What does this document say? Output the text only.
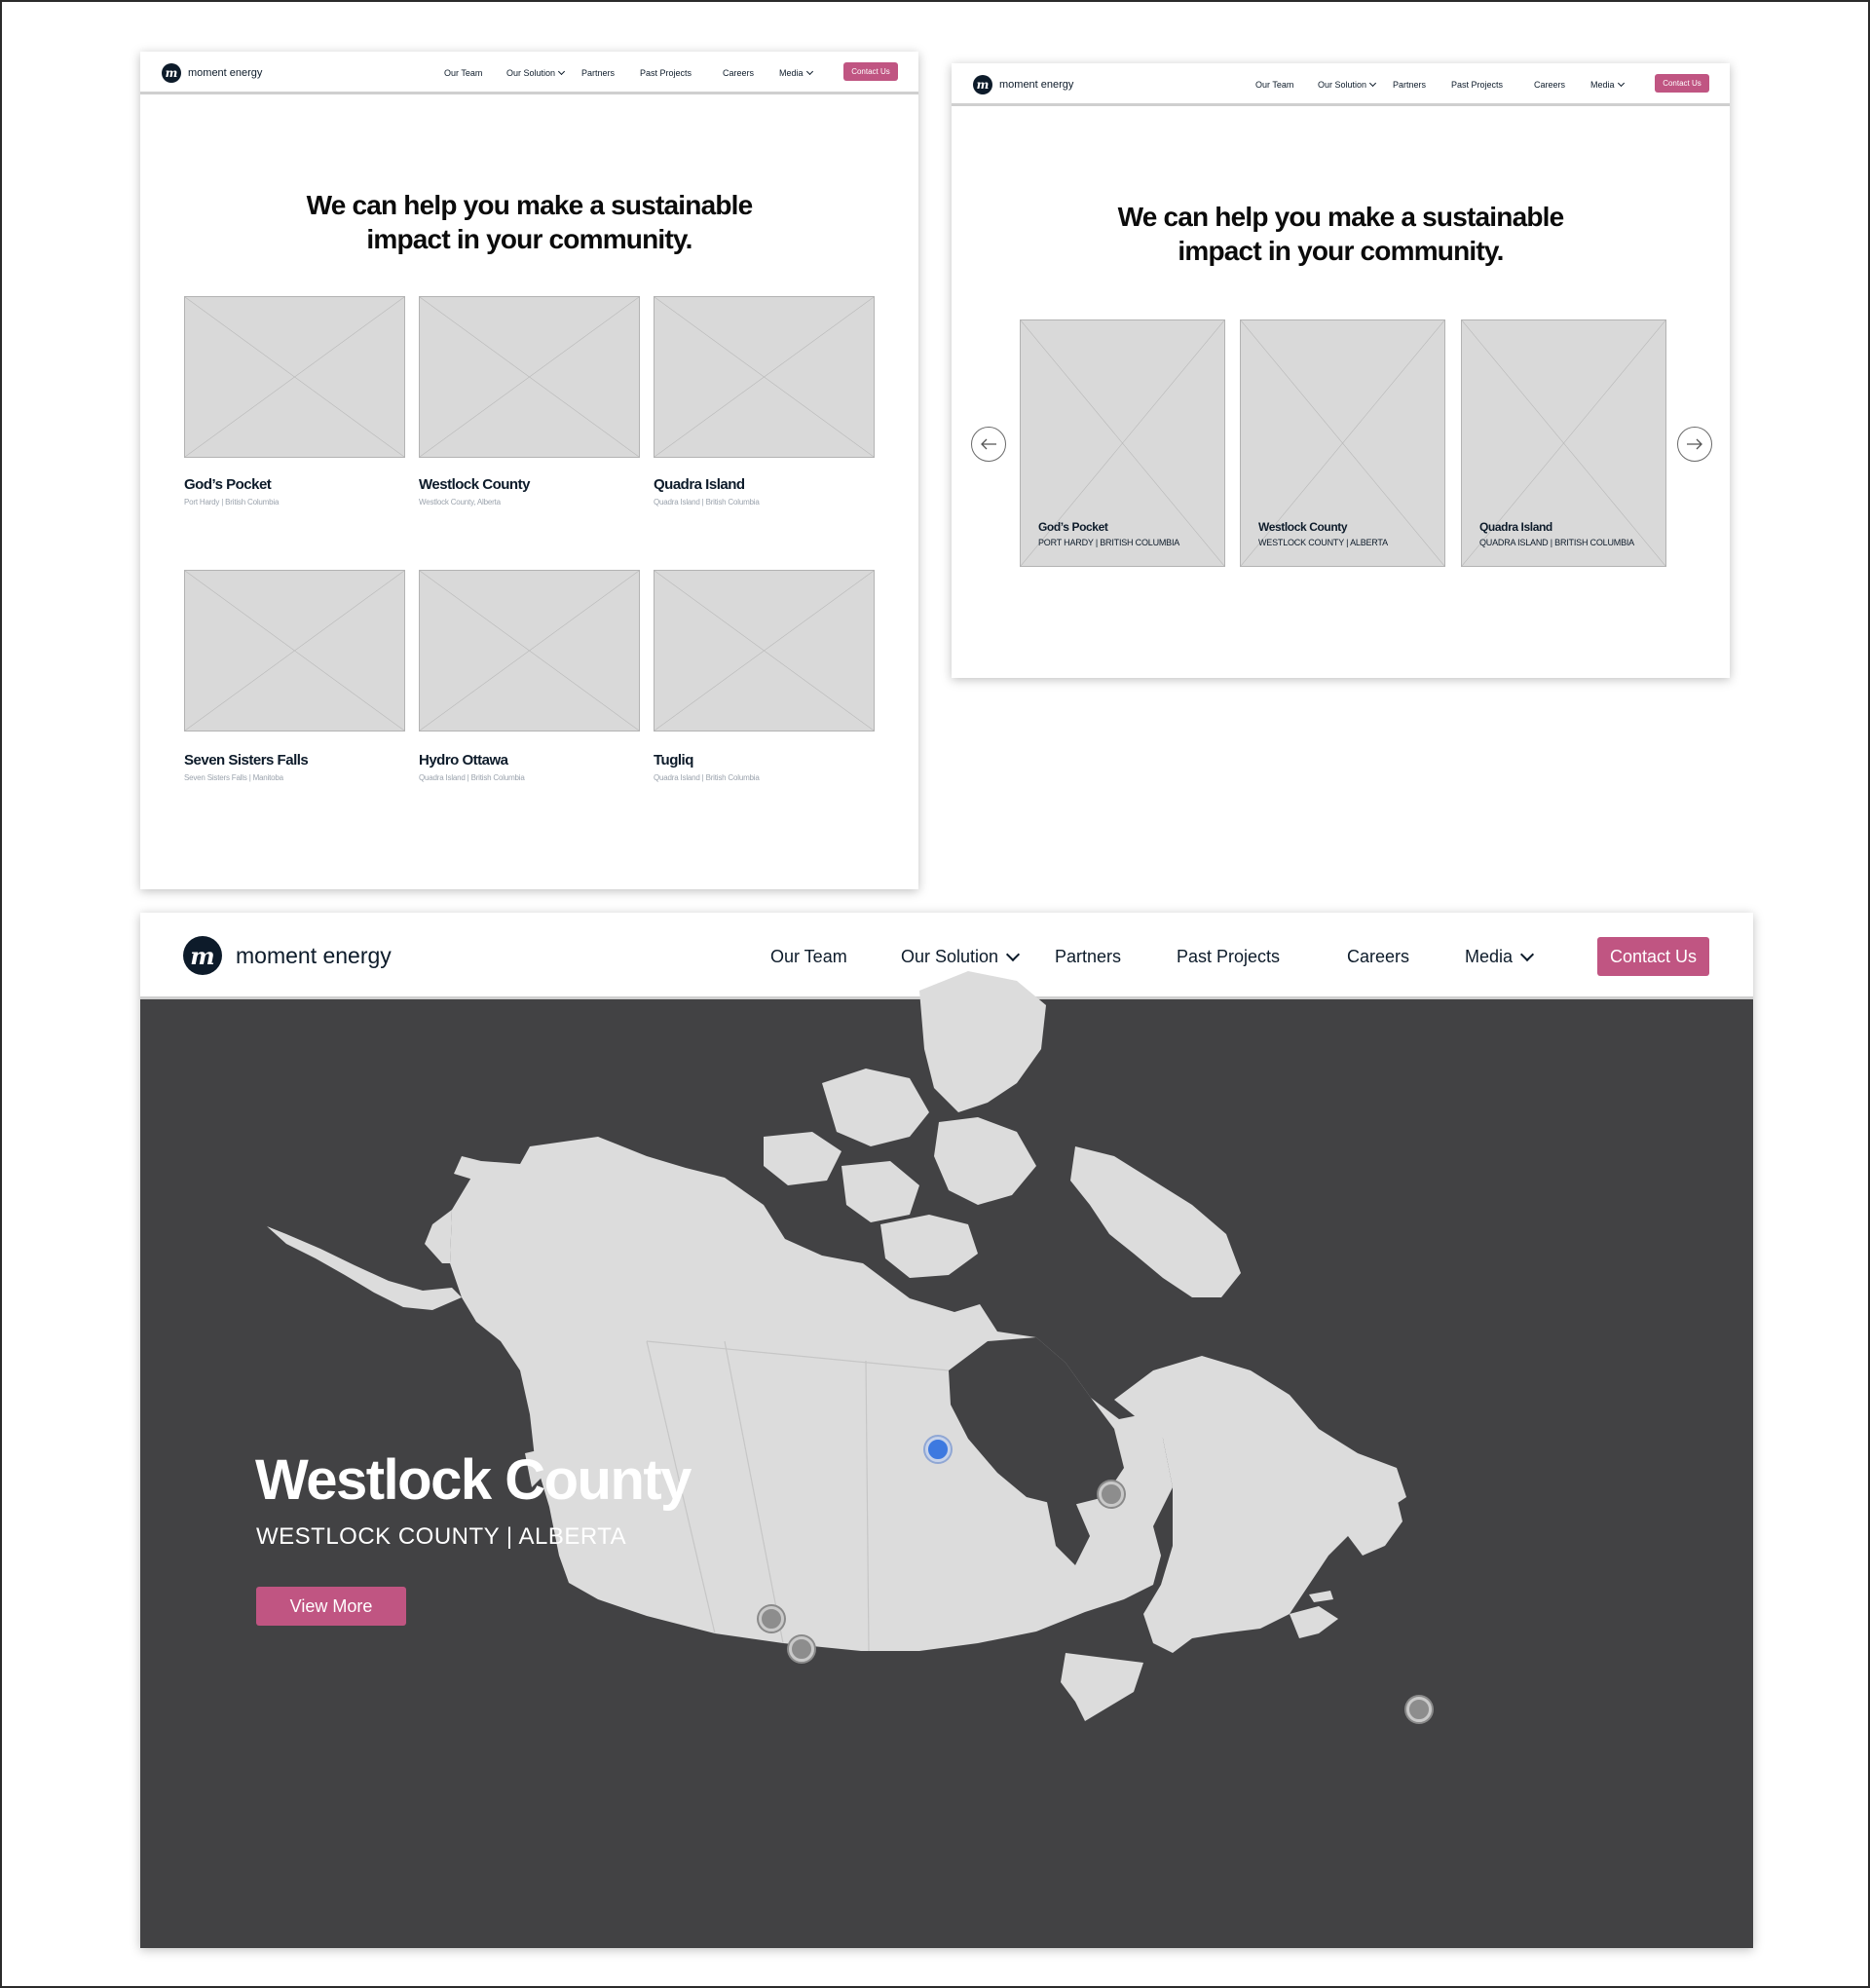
m moment energy	Our Team	Our Solution	Partners	Past Projects	Careers	Media	Contact Us
We can help you make a sustainable
impact in your community.
God’s Pocket
Port Hardy | British Columbia
Westlock County
Westlock County, Alberta
Quadra Island
Quadra Island | British Columbia
Seven Sisters Falls
Seven Sisters Falls | Manitoba
Hydro Ottawa
Quadra Island | British Columbia
Tugliq
Quadra Island | British Columbia
m moment energy	Our Team	Our Solution	Partners	Past Projects	Careers	Media	Contact Us
We can help you make a sustainable
impact in your community.
God’s Pocket
PORT HARDY | BRITISH COLUMBIA
Westlock County
WESTLOCK COUNTY | ALBERTA
Quadra Island
QUADRA ISLAND | BRITISH COLUMBIA
m moment energy	Our Team	Our Solution	Partners	Past Projects	Careers	Media	Contact Us
Westlock County
WESTLOCK COUNTY | ALBERTA
View More
